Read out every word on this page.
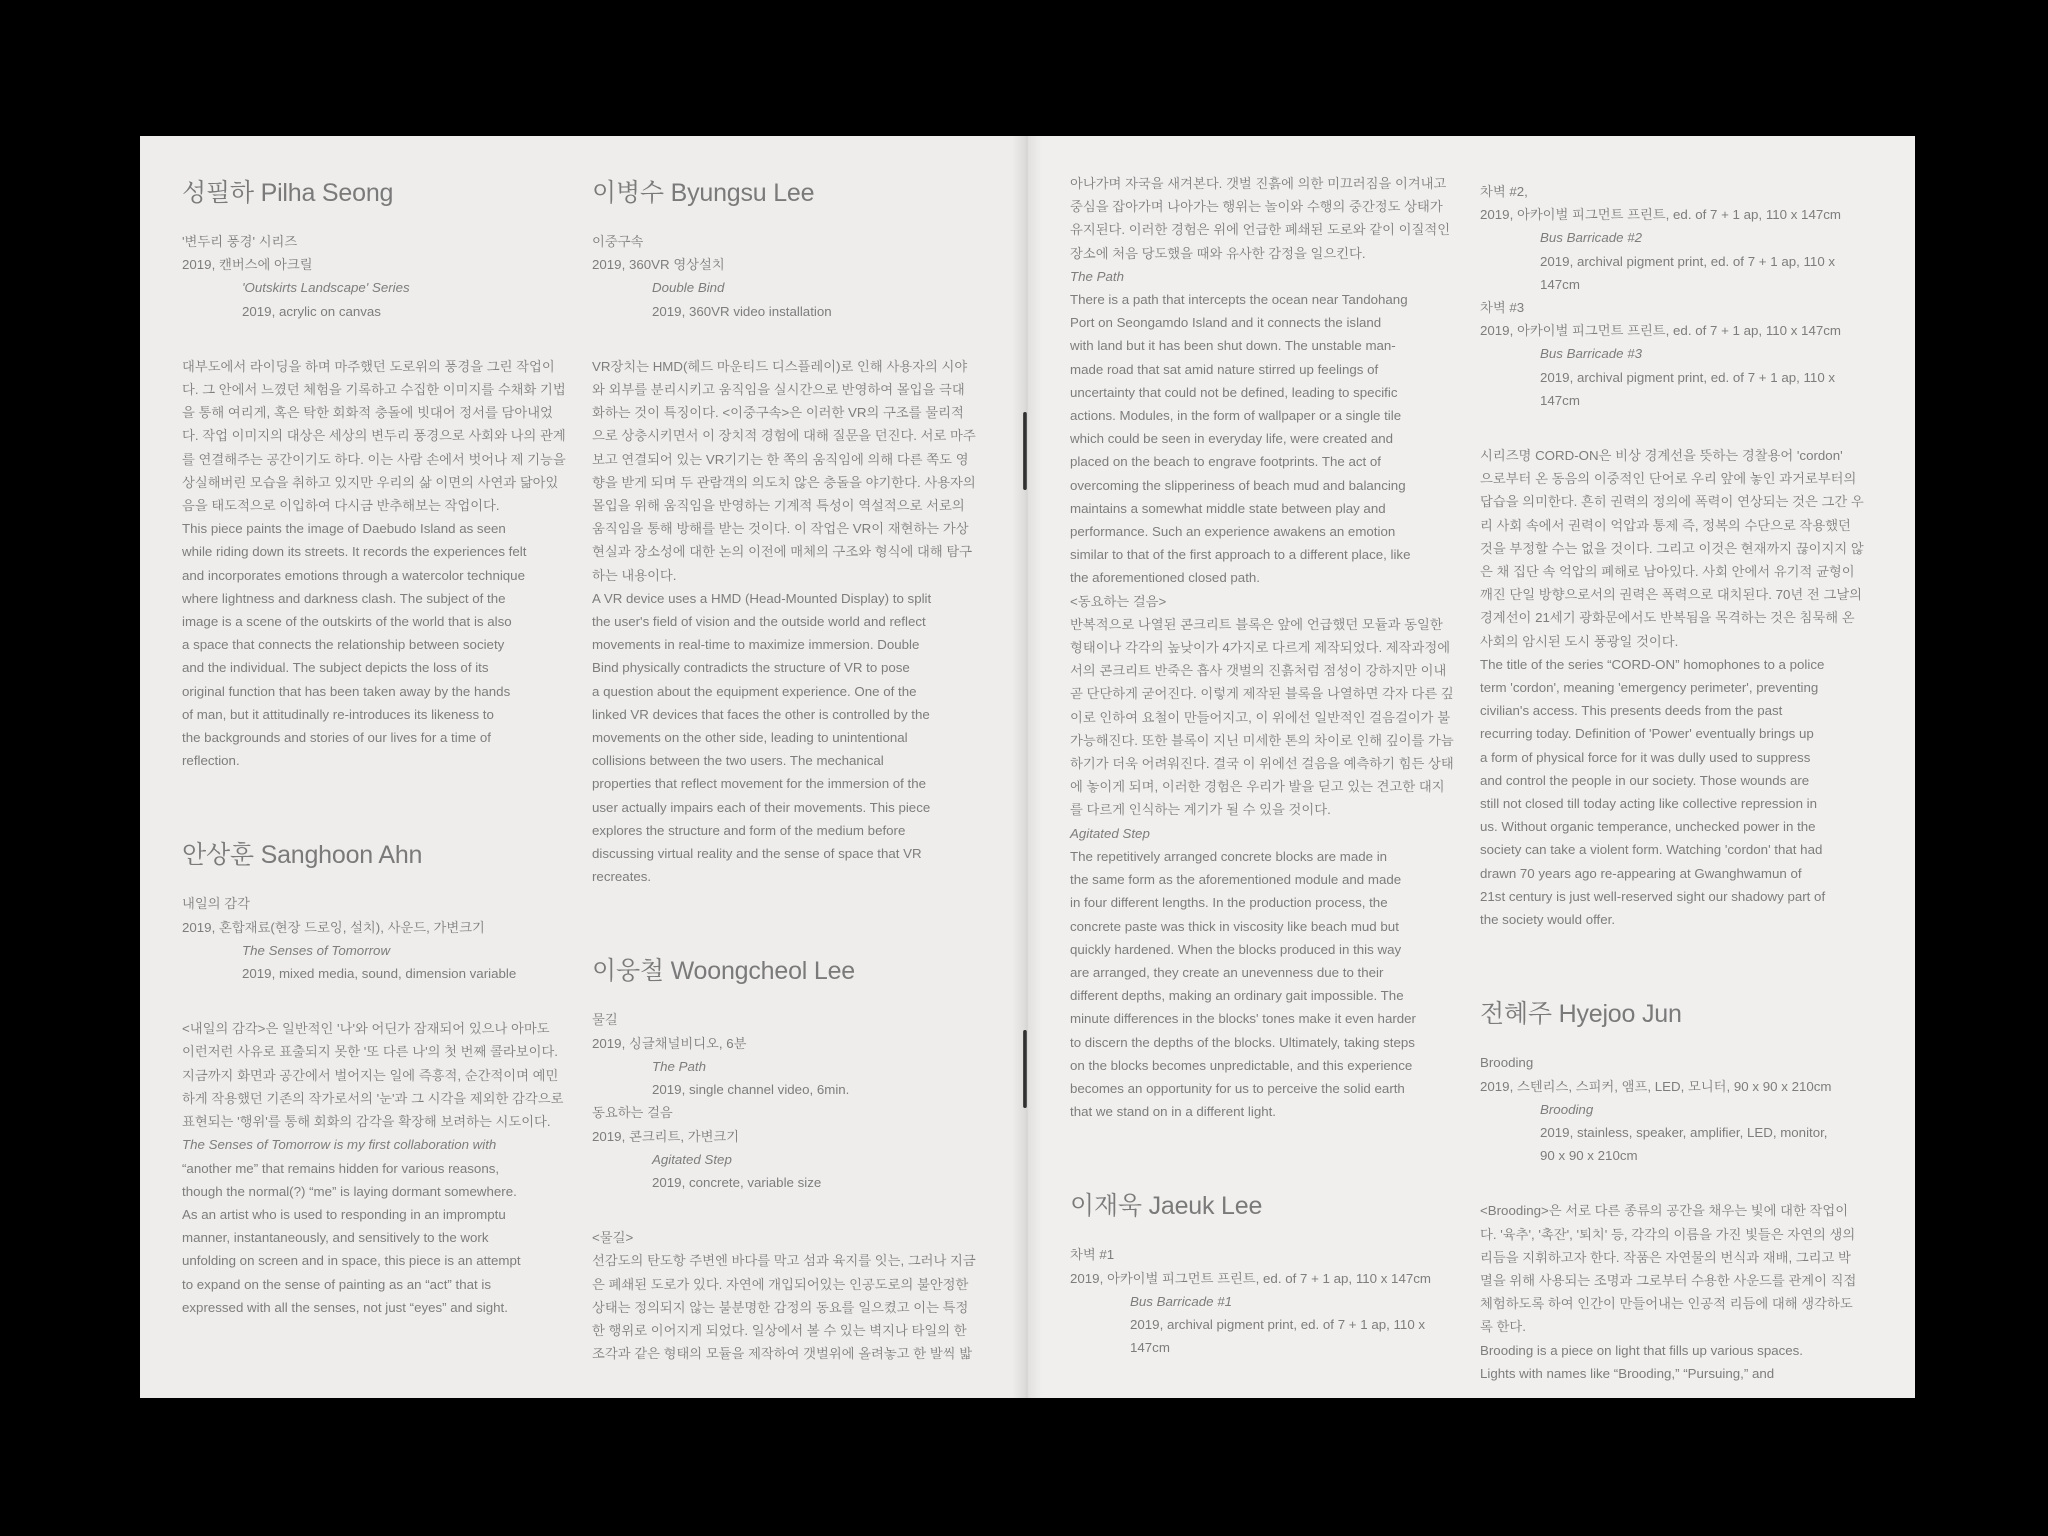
성필하 Pilha Seong

'변두리 풍경' 시리즈

2019, 캔버스에 아크릴

'Outskirts Landscape' Series

2019, acrylic on canvas

대부도에서 라이딩을 하며 마주했던 도로위의 풍경을 그린 작업이

다. 그 안에서 느꼈던 체험을 기록하고 수집한 이미지를 수채화 기법

을 통해 여리게, 혹은 탁한 회화적 충돌에 빗대어 정서를 담아내었

다. 작업 이미지의 대상은 세상의 변두리 풍경으로 사회와 나의 관계

를 연결해주는 공간이기도 하다. 이는 사람 손에서 벗어나 제 기능을

상실해버린 모습을 취하고 있지만 우리의 삶 이면의 사연과 닮아있

음을 태도적으로 이입하여 다시금 반추해보는 작업이다.

This piece paints the image of Daebudo Island as seen

while riding down its streets. It records the experiences felt

and incorporates emotions through a watercolor technique

where lightness and darkness clash. The subject of the

image is a scene of the outskirts of the world that is also

a space that connects the relationship between society

and the individual. The subject depicts the loss of its

original function that has been taken away by the hands

of man, but it attitudinally re-introduces its likeness to

the backgrounds and stories of our lives for a time of

reflection.

안상훈 Sanghoon Ahn

내일의 감각

2019, 혼합재료(현장 드로잉, 설치), 사운드, 가변크기

The Senses of Tomorrow

2019, mixed media, sound, dimension variable

<내일의 감각>은 일반적인 '나'와 어딘가 잠재되어 있으나 아마도

이런저런 사유로 표출되지 못한 '또 다른 나'의 첫 번째 콜라보이다.

지금까지 화면과 공간에서 벌어지는 일에 즉흥적, 순간적이며 예민

하게 작용했던 기존의 작가로서의 '눈'과 그 시각을 제외한 감각으로

표현되는 '행위'를 통해 회화의 감각을 확장해 보려하는 시도이다.

The Senses of Tomorrow is my first collaboration with

“another me” that remains hidden for various reasons,

though the normal(?) “me” is laying dormant somewhere.

As an artist who is used to responding in an impromptu

manner, instantaneously, and sensitively to the work

unfolding on screen and in space, this piece is an attempt

to expand on the sense of painting as an “act” that is

expressed with all the senses, not just “eyes” and sight.

이병수 Byungsu Lee

이중구속

2019, 360VR 영상설치

Double Bind

2019, 360VR video installation

VR장치는 HMD(헤드 마운티드 디스플레이)로 인해 사용자의 시야

와 외부를 분리시키고 움직임을 실시간으로 반영하여 몰입을 극대

화하는 것이 특징이다. <이중구속>은 이러한 VR의 구조를 물리적

으로 상충시키면서 이 장치적 경험에 대해 질문을 던진다. 서로 마주

보고 연결되어 있는 VR기기는 한 쪽의 움직임에 의해 다른 쪽도 영

향을 받게 되며 두 관람객의 의도치 않은 충돌을 야기한다. 사용자의

몰입을 위해 움직임을 반영하는 기계적 특성이 역설적으로 서로의

움직임을 통해 방해를 받는 것이다. 이 작업은 VR이 재현하는 가상

현실과 장소성에 대한 논의 이전에 매체의 구조와 형식에 대해 탐구

하는 내용이다.

A VR device uses a HMD (Head-Mounted Display) to split

the user's field of vision and the outside world and reflect

movements in real-time to maximize immersion. Double

Bind physically contradicts the structure of VR to pose

a question about the equipment experience. One of the

linked VR devices that faces the other is controlled by the

movements on the other side, leading to unintentional

collisions between the two users. The mechanical

properties that reflect movement for the immersion of the

user actually impairs each of their movements. This piece

explores the structure and form of the medium before

discussing virtual reality and the sense of space that VR

recreates.

이웅철 Woongcheol Lee

물길

2019, 싱글채널비디오, 6분

The Path

2019, single channel video, 6min.

동요하는 걸음

2019, 콘크리트, 가변크기

Agitated Step

2019, concrete, variable size

<물길>

선감도의 탄도항 주변엔 바다를 막고 섬과 육지를 잇는, 그러나 지금

은 폐쇄된 도로가 있다. 자연에 개입되어있는 인공도로의 불안정한

상태는 정의되지 않는 불분명한 감정의 동요를 일으켰고 이는 특정

한 행위로 이어지게 되었다. 일상에서 볼 수 있는 벽지나 타일의 한

조각과 같은 형태의 모듈을 제작하여 갯벌위에 올려놓고 한 발씩 밟

아나가며 자국을 새겨본다. 갯벌 진흙에 의한 미끄러짐을 이겨내고

중심을 잡아가며 나아가는 행위는 놀이와 수행의 중간정도 상태가

유지된다. 이러한 경험은 위에 언급한 폐쇄된 도로와 같이 이질적인

장소에 처음 당도했을 때와 유사한 감정을 일으킨다.

The Path

There is a path that intercepts the ocean near Tandohang

Port on Seongamdo Island and it connects the island

with land but it has been shut down. The unstable man-

made road that sat amid nature stirred up feelings of

uncertainty that could not be defined, leading to specific

actions. Modules, in the form of wallpaper or a single tile

which could be seen in everyday life, were created and

placed on the beach to engrave footprints. The act of

overcoming the slipperiness of beach mud and balancing

maintains a somewhat middle state between play and

performance. Such an experience awakens an emotion

similar to that of the first approach to a different place, like

the aforementioned closed path.

<동요하는 걸음>

반복적으로 나열된 콘크리트 블록은 앞에 언급했던 모듈과 동일한

형태이나 각각의 높낮이가 4가지로 다르게 제작되었다. 제작과정에

서의 콘크리트 반죽은 흡사 갯벌의 진흙처럼 점성이 강하지만 이내

곧 단단하게 굳어진다. 이렇게 제작된 블록을 나열하면 각자 다른 깊

이로 인하여 요철이 만들어지고, 이 위에선 일반적인 걸음걸이가 불

가능해진다. 또한 블록이 지닌 미세한 톤의 차이로 인해 깊이를 가늠

하기가 더욱 어려워진다. 결국 이 위에선 걸음을 예측하기 힘든 상태

에 놓이게 되며, 이러한 경험은 우리가 발을 딛고 있는 견고한 대지

를 다르게 인식하는 계기가 될 수 있을 것이다.

Agitated Step

The repetitively arranged concrete blocks are made in

the same form as the aforementioned module and made

in four different lengths. In the production process, the

concrete paste was thick in viscosity like beach mud but

quickly hardened. When the blocks produced in this way

are arranged, they create an unevenness due to their

different depths, making an ordinary gait impossible. The

minute differences in the blocks' tones make it even harder

to discern the depths of the blocks. Ultimately, taking steps

on the blocks becomes unpredictable, and this experience

becomes an opportunity for us to perceive the solid earth

that we stand on in a different light.

이재욱 Jaeuk Lee

차벽 #1

2019, 아카이벌 피그먼트 프린트, ed. of 7 + 1 ap, 110 x 147cm

Bus Barricade #1

2019, archival pigment print, ed. of 7 + 1 ap, 110 x

147cm

차벽 #2,

2019, 아카이벌 피그먼트 프린트, ed. of 7 + 1 ap, 110 x 147cm

Bus Barricade #2

2019, archival pigment print, ed. of 7 + 1 ap, 110 x

147cm

차벽 #3

2019, 아카이벌 피그먼트 프린트, ed. of 7 + 1 ap, 110 x 147cm

Bus Barricade #3

2019, archival pigment print, ed. of 7 + 1 ap, 110 x

147cm

시리즈명 CORD-ON은 비상 경계선을 뜻하는 경찰용어 'cordon'

으로부터 온 동음의 이중적인 단어로 우리 앞에 놓인 과거로부터의

답습을 의미한다. 흔히 권력의 정의에 폭력이 연상되는 것은 그간 우

리 사회 속에서 권력이 억압과 통제 즉, 정복의 수단으로 작용했던

것을 부정할 수는 없을 것이다. 그리고 이것은 현재까지 끊이지지 않

은 채 집단 속 억압의 폐해로 남아있다. 사회 안에서 유기적 균형이

깨진 단일 방향으로서의 권력은 폭력으로 대치된다. 70년 전 그날의

경계선이 21세기 광화문에서도 반복됨을 목격하는 것은 침묵해 온

사회의 암시된 도시 풍광일 것이다.

The title of the series “CORD-ON” homophones to a police

term 'cordon', meaning 'emergency perimeter', preventing

civilian's access. This presents deeds from the past

recurring today. Definition of 'Power' eventually brings up

a form of physical force for it was dully used to suppress

and control the people in our society. Those wounds are

still not closed till today acting like collective repression in

us. Without organic temperance, unchecked power in the

society can take a violent form. Watching 'cordon' that had

drawn 70 years ago re-appearing at Gwanghwamun of

21st century is just well-reserved sight our shadowy part of

the society would offer.

전혜주 Hyejoo Jun

Brooding

2019, 스텐리스, 스피커, 앰프, LED, 모니터, 90 x 90 x 210cm

Brooding

2019, stainless, speaker, amplifier, LED, monitor,

90 x 90 x 210cm

<Brooding>은 서로 다른 종류의 공간을 채우는 빛에 대한 작업이

다. '육추', '촉잔', '퇴치' 등, 각각의 이름을 가진 빛들은 자연의 생의

리듬을 지휘하고자 한다. 작품은 자연물의 번식과 재배, 그리고 박

멸을 위해 사용되는 조명과 그로부터 수용한 사운드를 관계이 직접

체험하도록 하여 인간이 만들어내는 인공적 리듬에 대해 생각하도

록 한다.

Brooding is a piece on light that fills up various spaces.

Lights with names like “Brooding,” “Pursuing,” and
